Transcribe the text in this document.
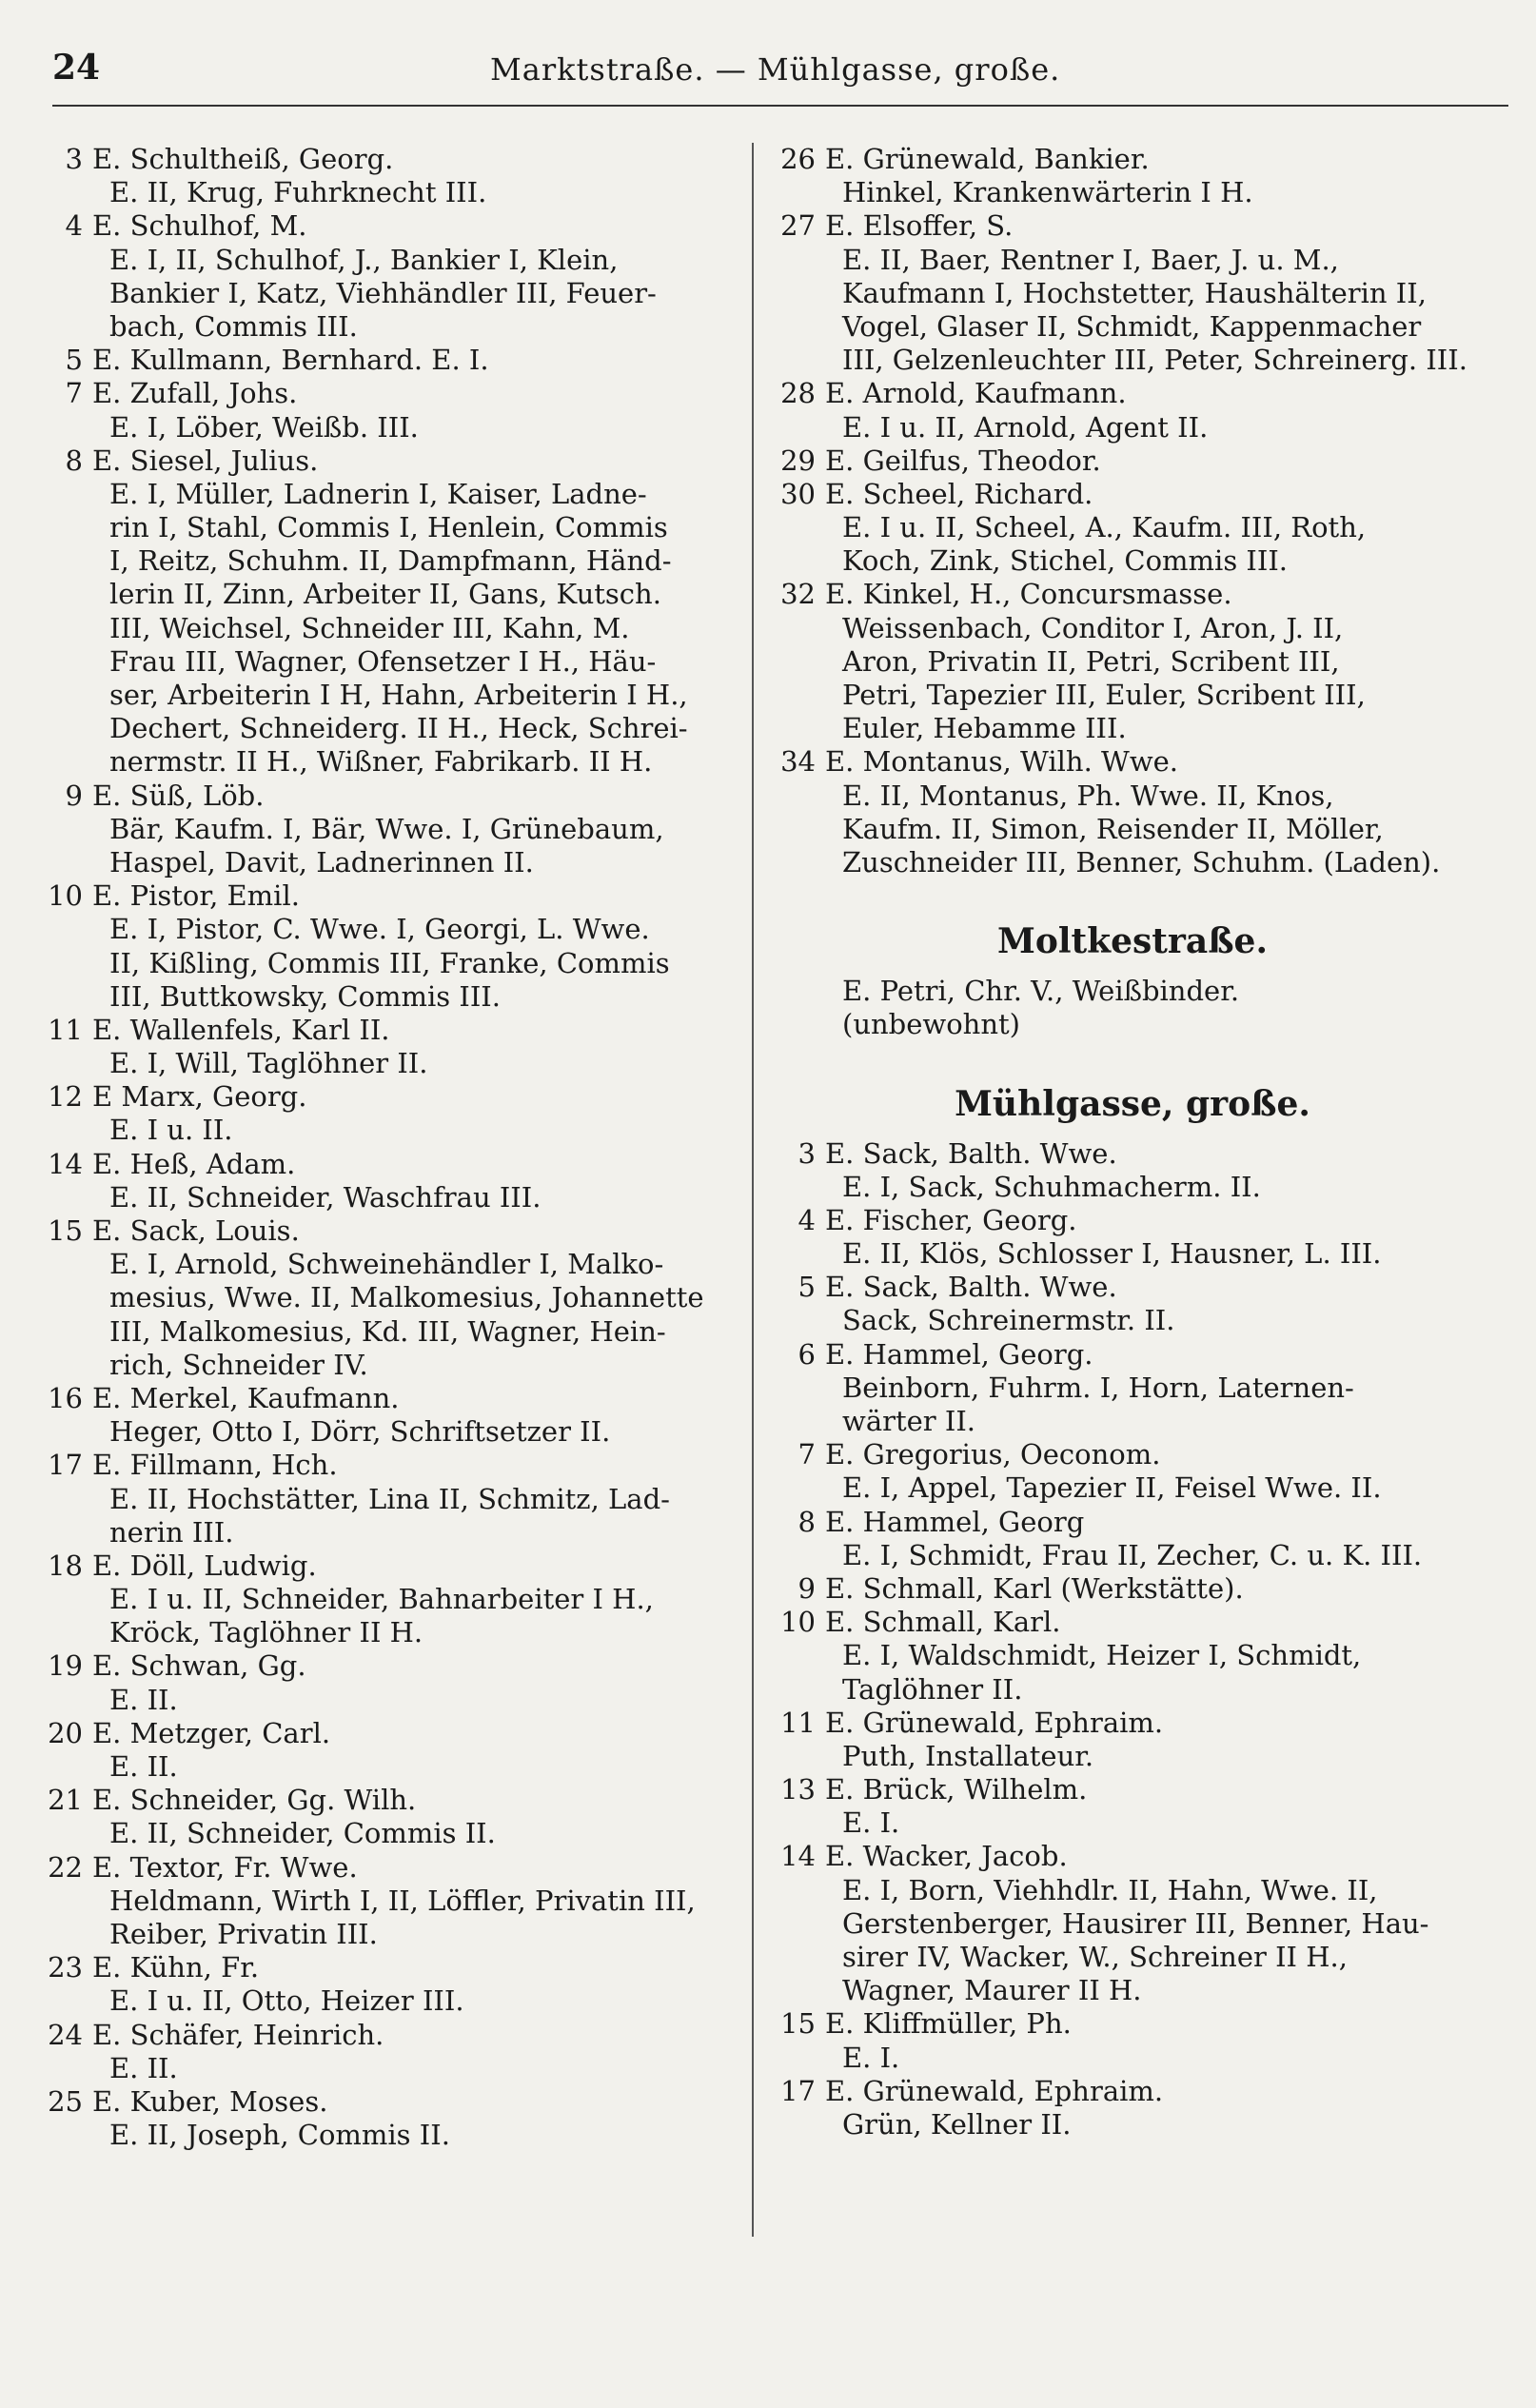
24	Marktstraße. — Mühlgasse, große.
3 E. Schultheiß, Georg.
E. II, Krug, Fuhrknecht III.
4 E. Schulhof, M.
E. I, II, Schulhof, J., Bankier I, Klein,
Bankier I, Katz, Viehhändler III, Feuer-
bach, Commis III.
5 E. Kullmann, Bernhard. E. I.
7 E. Zufall, Johs.
E. I, Löber, Weißb. III.
8 E. Siesel, Julius.
E. I, Müller, Ladnerin I, Kaiser, Ladne-
rin I, Stahl, Commis I, Henlein, Commis
I, Reitz, Schuhm. II, Dampfmann, Händ-
lerin II, Zinn, Arbeiter II, Gans, Kutsch.
III, Weichsel, Schneider III, Kahn, M.
Frau III, Wagner, Ofensetzer I H., Häu-
ser, Arbeiterin I H, Hahn, Arbeiterin I H.,
Dechert, Schneiderg. II H., Heck, Schrei-
nermstr. II H., Wißner, Fabrikarb. II H.
9 E. Süß, Löb.
Bär, Kaufm. I, Bär, Wwe. I, Grünebaum,
Haspel, Davit, Ladnerinnen II.
10 E. Pistor, Emil.
E. I, Pistor, C. Wwe. I, Georgi, L. Wwe.
II, Kißling, Commis III, Franke, Commis
III, Buttkowsky, Commis III.
11 E. Wallenfels, Karl II.
E. I, Will, Taglöhner II.
12 E Marx, Georg.
E. I u. II.
14 E. Heß, Adam.
E. II, Schneider, Waschfrau III.
15 E. Sack, Louis.
E. I, Arnold, Schweinehändler I, Malko-
mesius, Wwe. II, Malkomesius, Johannette
III, Malkomesius, Kd. III, Wagner, Hein-
rich, Schneider IV.
16 E. Merkel, Kaufmann.
Heger, Otto I, Dörr, Schriftsetzer II.
17 E. Fillmann, Hch.
E. II, Hochstätter, Lina II, Schmitz, Lad-
nerin III.
18 E. Döll, Ludwig.
E. I u. II, Schneider, Bahnarbeiter I H.,
Kröck, Taglöhner II H.
19 E. Schwan, Gg.
E. II.
20 E. Metzger, Carl.
E. II.
21 E. Schneider, Gg. Wilh.
E. II, Schneider, Commis II.
22 E. Textor, Fr. Wwe.
Heldmann, Wirth I, II, Löffler, Privatin III,
Reiber, Privatin III.
23 E. Kühn, Fr.
E. I u. II, Otto, Heizer III.
24 E. Schäfer, Heinrich.
E. II.
25 E. Kuber, Moses.
E. II, Joseph, Commis II.
26 E. Grünewald, Bankier.
Hinkel, Krankenwärterin I H.
27 E. Elsoffer, S.
E. II, Baer, Rentner I, Baer, J. u. M.,
Kaufmann I, Hochstetter, Haushälterin II,
Vogel, Glaser II, Schmidt, Kappenmacher
III, Gelzenleuchter III, Peter, Schreinerg. III.
28 E. Arnold, Kaufmann.
E. I u. II, Arnold, Agent II.
29 E. Geilfus, Theodor.
30 E. Scheel, Richard.
E. I u. II, Scheel, A., Kaufm. III, Roth,
Koch, Zink, Stichel, Commis III.
32 E. Kinkel, H., Concursmasse.
Weissenbach, Conditor I, Aron, J. II,
Aron, Privatin II, Petri, Scribent III,
Petri, Tapezier III, Euler, Scribent III,
Euler, Hebamme III.
34 E. Montanus, Wilh. Wwe.
E. II, Montanus, Ph. Wwe. II, Knos,
Kaufm. II, Simon, Reisender II, Möller,
Zuschneider III, Benner, Schuhm. (Laden).
Moltkestraße.
E. Petri, Chr. V., Weißbinder.
(unbewohnt)
Mühlgasse, große.
3 E. Sack, Balth. Wwe.
E. I, Sack, Schuhmacherm. II.
4 E. Fischer, Georg.
E. II, Klös, Schlosser I, Hausner, L. III.
5 E. Sack, Balth. Wwe.
Sack, Schreinermstr. II.
6 E. Hammel, Georg.
Beinborn, Fuhrm. I, Horn, Laternen-
wärter II.
7 E. Gregorius, Oeconom.
E. I, Appel, Tapezier II, Feisel Wwe. II.
8 E. Hammel, Georg
E. I, Schmidt, Frau II, Zecher, C. u. K. III.
9 E. Schmall, Karl (Werkstätte).
10 E. Schmall, Karl.
E. I, Waldschmidt, Heizer I, Schmidt,
Taglöhner II.
11 E. Grünewald, Ephraim.
Puth, Installateur.
13 E. Brück, Wilhelm.
E. I.
14 E. Wacker, Jacob.
E. I, Born, Viehhdlr. II, Hahn, Wwe. II,
Gerstenberger, Hausirer III, Benner, Hau-
sirer IV, Wacker, W., Schreiner II H.,
Wagner, Maurer II H.
15 E. Kliffmüller, Ph.
E. I.
17 E. Grünewald, Ephraim.
Grün, Kellner II.
